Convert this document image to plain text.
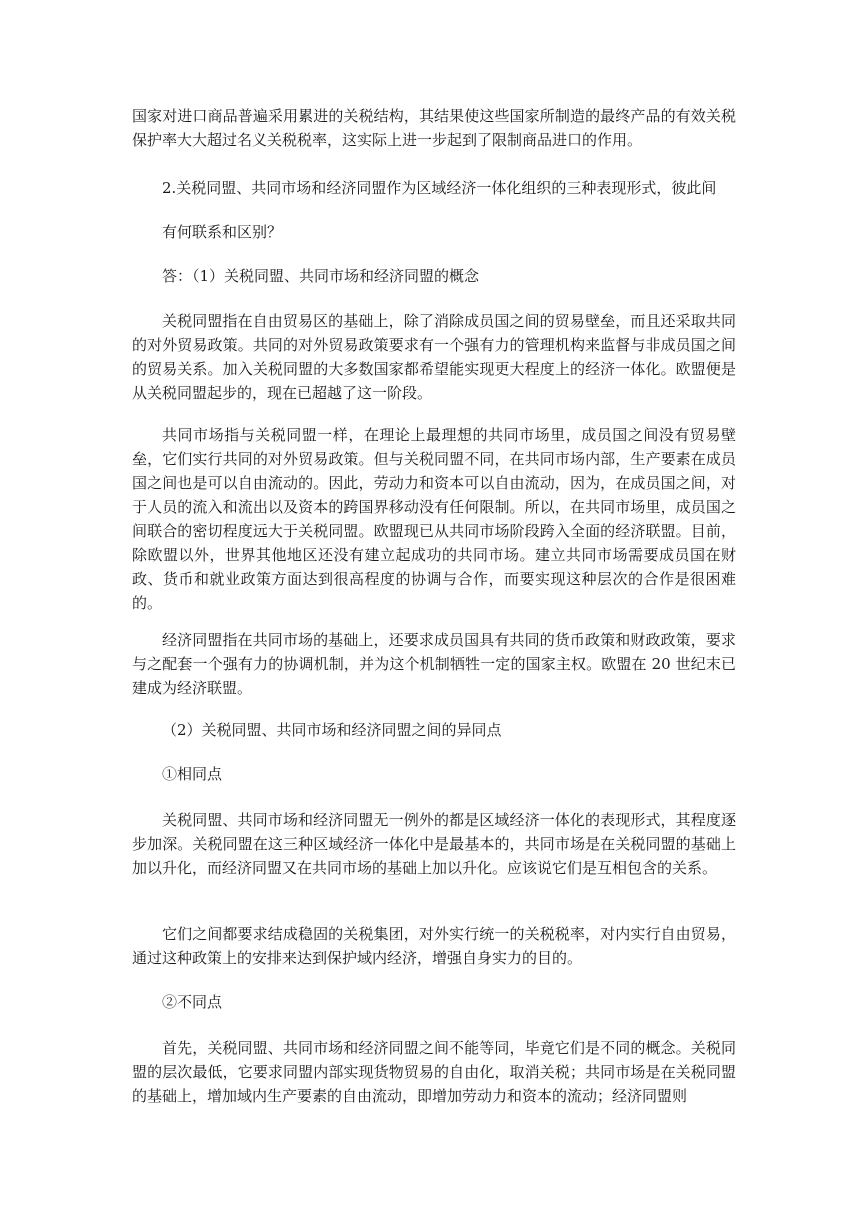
国家对进口商品普遍采用累进的关税结构，其结果使这些国家所制造的最终产品的有效关税保护率大大超过名义关税税率，这实际上进一步起到了限制商品进口的作用。

2.关税同盟、共同市场和经济同盟作为区域经济一体化组织的三种表现形式，彼此间
有何联系和区别？
答：（1）关税同盟、共同市场和经济同盟的概念

关税同盟指在自由贸易区的基础上，除了消除成员国之间的贸易壁垒，而且还采取共同的对外贸易政策。共同的对外贸易政策要求有一个强有力的管理机构来监督与非成员国之间的贸易关系。加入关税同盟的大多数国家都希望能实现更大程度上的经济一体化。欧盟便是从关税同盟起步的，现在已超越了这一阶段。

共同市场指与关税同盟一样，在理论上最理想的共同市场里，成员国之间没有贸易壁垒，它们实行共同的对外贸易政策。但与关税同盟不同，在共同市场内部，生产要素在成员国之间也是可以自由流动的。因此，劳动力和资本可以自由流动，因为，在成员国之间，对于人员的流入和流出以及资本的跨国界移动没有任何限制。所以，在共同市场里，成员国之间联合的密切程度远大于关税同盟。欧盟现已从共同市场阶段跨入全面的经济联盟。目前，除欧盟以外，世界其他地区还没有建立起成功的共同市场。建立共同市场需要成员国在财政、货币和就业政策方面达到很高程度的协调与合作，而要实现这种层次的合作是很困难的。

经济同盟指在共同市场的基础上，还要求成员国具有共同的货币政策和财政政策，要求与之配套一个强有力的协调机制，并为这个机制牺牲一定的国家主权。欧盟在 20 世纪末已建成为经济联盟。

（2）关税同盟、共同市场和经济同盟之间的异同点
①相同点

关税同盟、共同市场和经济同盟无一例外的都是区域经济一体化的表现形式，其程度逐步加深。关税同盟在这三种区域经济一体化中是最基本的，共同市场是在关税同盟的基础上加以升化，而经济同盟又在共同市场的基础上加以升化。应该说它们是互相包含的关系。

它们之间都要求结成稳固的关税集团，对外实行统一的关税税率，对内实行自由贸易，通过这种政策上的安排来达到保护域内经济，增强自身实力的目的。

②不同点

首先，关税同盟、共同市场和经济同盟之间不能等同，毕竟它们是不同的概念。关税同盟的层次最低，它要求同盟内部实现货物贸易的自由化，取消关税；共同市场是在关税同盟的基础上，增加域内生产要素的自由流动，即增加劳动力和资本的流动；经济同盟则
